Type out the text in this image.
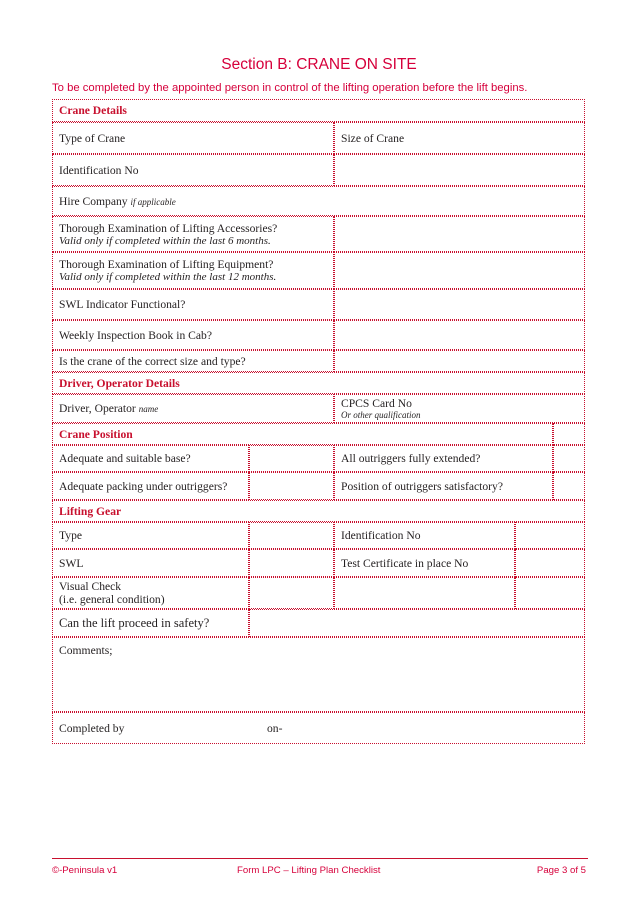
Section B: CRANE ON SITE
To be completed by the appointed person in control of the lifting operation before the lift begins.
Crane Details
Type of Crane	Size of Crane
Identification No
Hire Company if applicable
Thorough Examination of Lifting Accessories?
Valid only if completed within the last 6 months.
Thorough Examination of Lifting Equipment?
Valid only if completed within the last 12 months.
SWL Indicator Functional?
Weekly Inspection Book in Cab?
Is the crane of the correct size and type?
Driver, Operator Details
Driver, Operator name	CPCS Card No
Or other qualification
Crane Position
Adequate and suitable base?	All outriggers fully extended?
Adequate packing under outriggers?	Position of outriggers satisfactory?
Lifting Gear
Type	Identification No
SWL	Test Certificate in place No
Visual Check
(i.e. general condition)
Can the lift proceed in safety?
Comments;
Completed by	on-
©-Peninsula v1	Form LPC – Lifting Plan Checklist	Page 3 of 5
